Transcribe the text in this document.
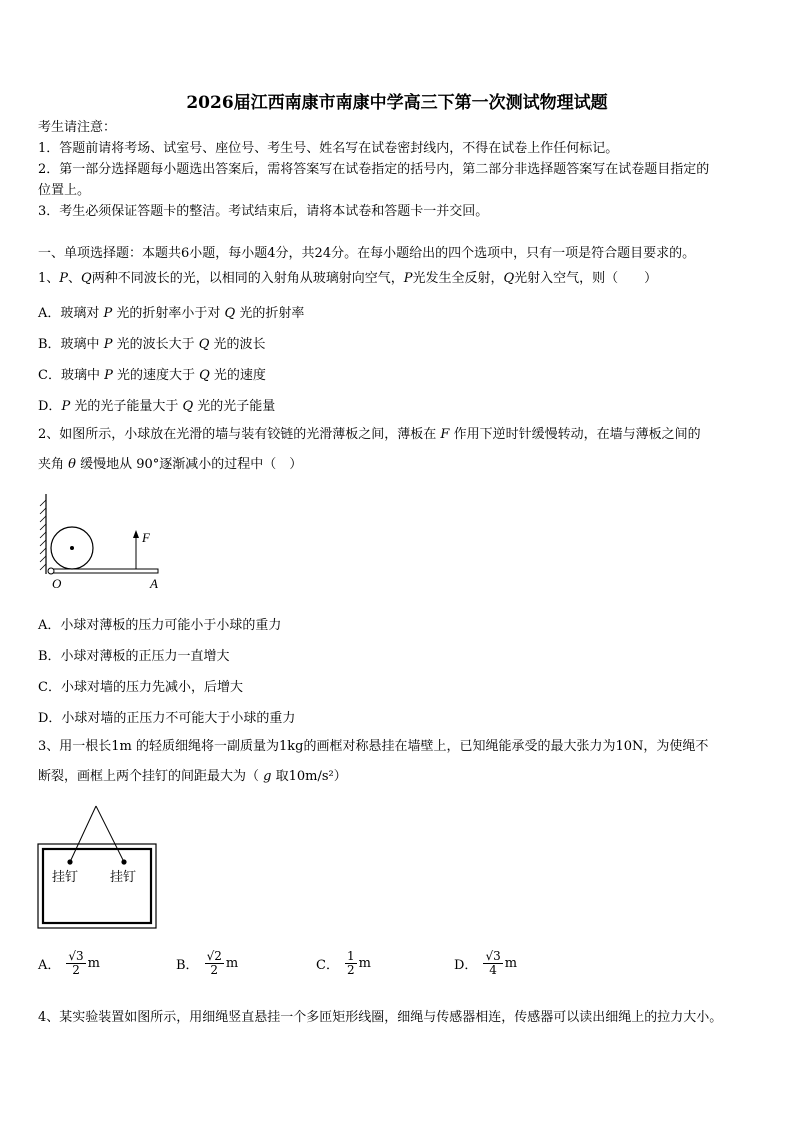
2026届江西南康市南康中学高三下第一次测试物理试题
考生请注意：
1．答题前请将考场、试室号、座位号、考生号、姓名写在试卷密封线内，不得在试卷上作任何标记。
2．第一部分选择题每小题选出答案后，需将答案写在试卷指定的括号内，第二部分非选择题答案写在试卷题目指定的
位置上。
3．考生必须保证答题卡的整洁。考试结束后，请将本试卷和答题卡一并交回。
一、单项选择题：本题共6小题，每小题4分，共24分。在每小题给出的四个选项中，只有一项是符合题目要求的。
1、P、Q两种不同波长的光，以相同的入射角从玻璃射向空气，P光发生全反射，Q光射入空气，则（　　）
A．玻璃对 P 光的折射率小于对 Q 光的折射率
B．玻璃中 P 光的波长大于 Q 光的波长
C．玻璃中 P 光的速度大于 Q 光的速度
D．P 光的光子能量大于 Q 光的光子能量
2、如图所示，小球放在光滑的墙与装有铰链的光滑薄板之间，薄板在 F 作用下逆时针缓慢转动，在墙与薄板之间的
夹角 θ 缓慢地从 90°逐渐减小的过程中（　）
F
O	A
A．小球对薄板的压力可能小于小球的重力
B．小球对薄板的正压力一直增大
C．小球对墙的压力先减小，后增大
D．小球对墙的正压力不可能大于小球的重力
3、用一根长1m 的轻质细绳将一副质量为1kg的画框对称悬挂在墙壁上，已知绳能承受的最大张力为10N，为使绳不
断裂，画框上两个挂钉的间距最大为（ g 取10m/s²）
挂钉 挂钉
A． $\frac{√3}{2}$ m	B． $\frac{√2}{2}$ m	C． $\frac{1}{2}$ m	D． $\frac{√3}{4}$ m
4、某实验装置如图所示，用细绳竖直悬挂一个多匝矩形线圈，细绳与传感器相连，传感器可以读出细绳上的拉力大小。
